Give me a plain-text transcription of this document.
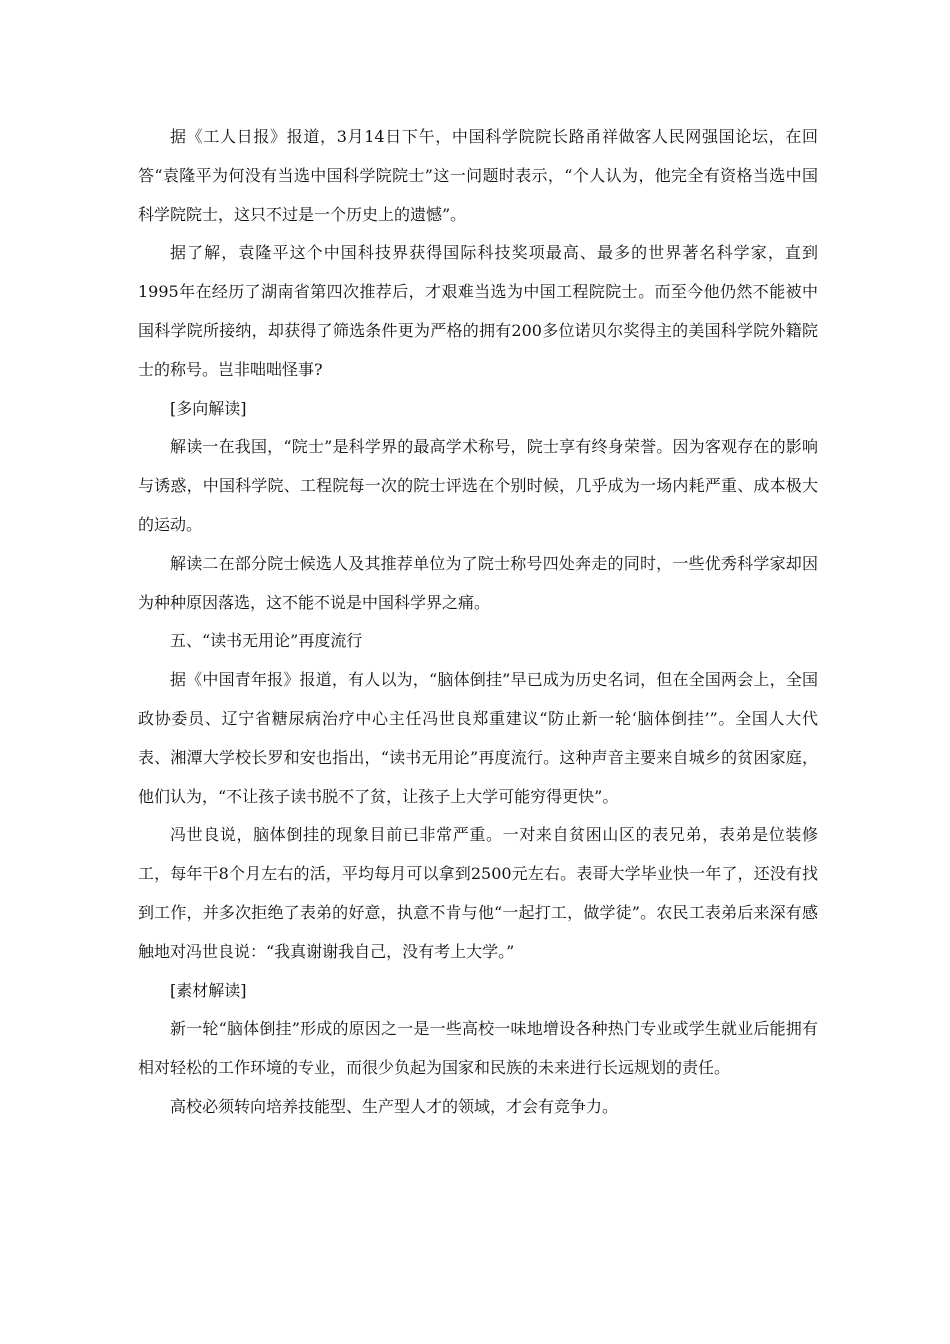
据《工人日报》报道，3月14日下午，中国科学院院长路甬祥做客人民网强国论坛，在回答“袁隆平为何没有当选中国科学院院士”这一问题时表示，“个人认为，他完全有资格当选中国科学院院士，这只不过是一个历史上的遗憾”。

据了解，袁隆平这个中国科技界获得国际科技奖项最高、最多的世界著名科学家，直到1995年在经历了湖南省第四次推荐后，才艰难当选为中国工程院院士。而至今他仍然不能被中国科学院所接纳，却获得了筛选条件更为严格的拥有200多位诺贝尔奖得主的美国科学院外籍院士的称号。岂非咄咄怪事?

[多向解读]

解读一在我国，“院士”是科学界的最高学术称号，院士享有终身荣誉。因为客观存在的影响与诱惑，中国科学院、工程院每一次的院士评选在个别时候，几乎成为一场内耗严重、成本极大的运动。

解读二在部分院士候选人及其推荐单位为了院士称号四处奔走的同时，一些优秀科学家却因为种种原因落选，这不能不说是中国科学界之痛。

五、“读书无用论”再度流行

据《中国青年报》报道，有人以为，“脑体倒挂”早已成为历史名词，但在全国两会上，全国政协委员、辽宁省糖尿病治疗中心主任冯世良郑重建议“防止新一轮‘脑体倒挂’”。全国人大代表、湘潭大学校长罗和安也指出，“读书无用论”再度流行。这种声音主要来自城乡的贫困家庭，他们认为，“不让孩子读书脱不了贫，让孩子上大学可能穷得更快”。

冯世良说，脑体倒挂的现象目前已非常严重。一对来自贫困山区的表兄弟，表弟是位装修工，每年干8个月左右的活，平均每月可以拿到2500元左右。表哥大学毕业快一年了，还没有找到工作，并多次拒绝了表弟的好意，执意不肯与他“一起打工，做学徒”。农民工表弟后来深有感触地对冯世良说：“我真谢谢我自己，没有考上大学。”

[素材解读]

新一轮“脑体倒挂”形成的原因之一是一些高校一味地增设各种热门专业或学生就业后能拥有相对轻松的工作环境的专业，而很少负起为国家和民族的未来进行长远规划的责任。

高校必须转向培养技能型、生产型人才的领域，才会有竞争力。
